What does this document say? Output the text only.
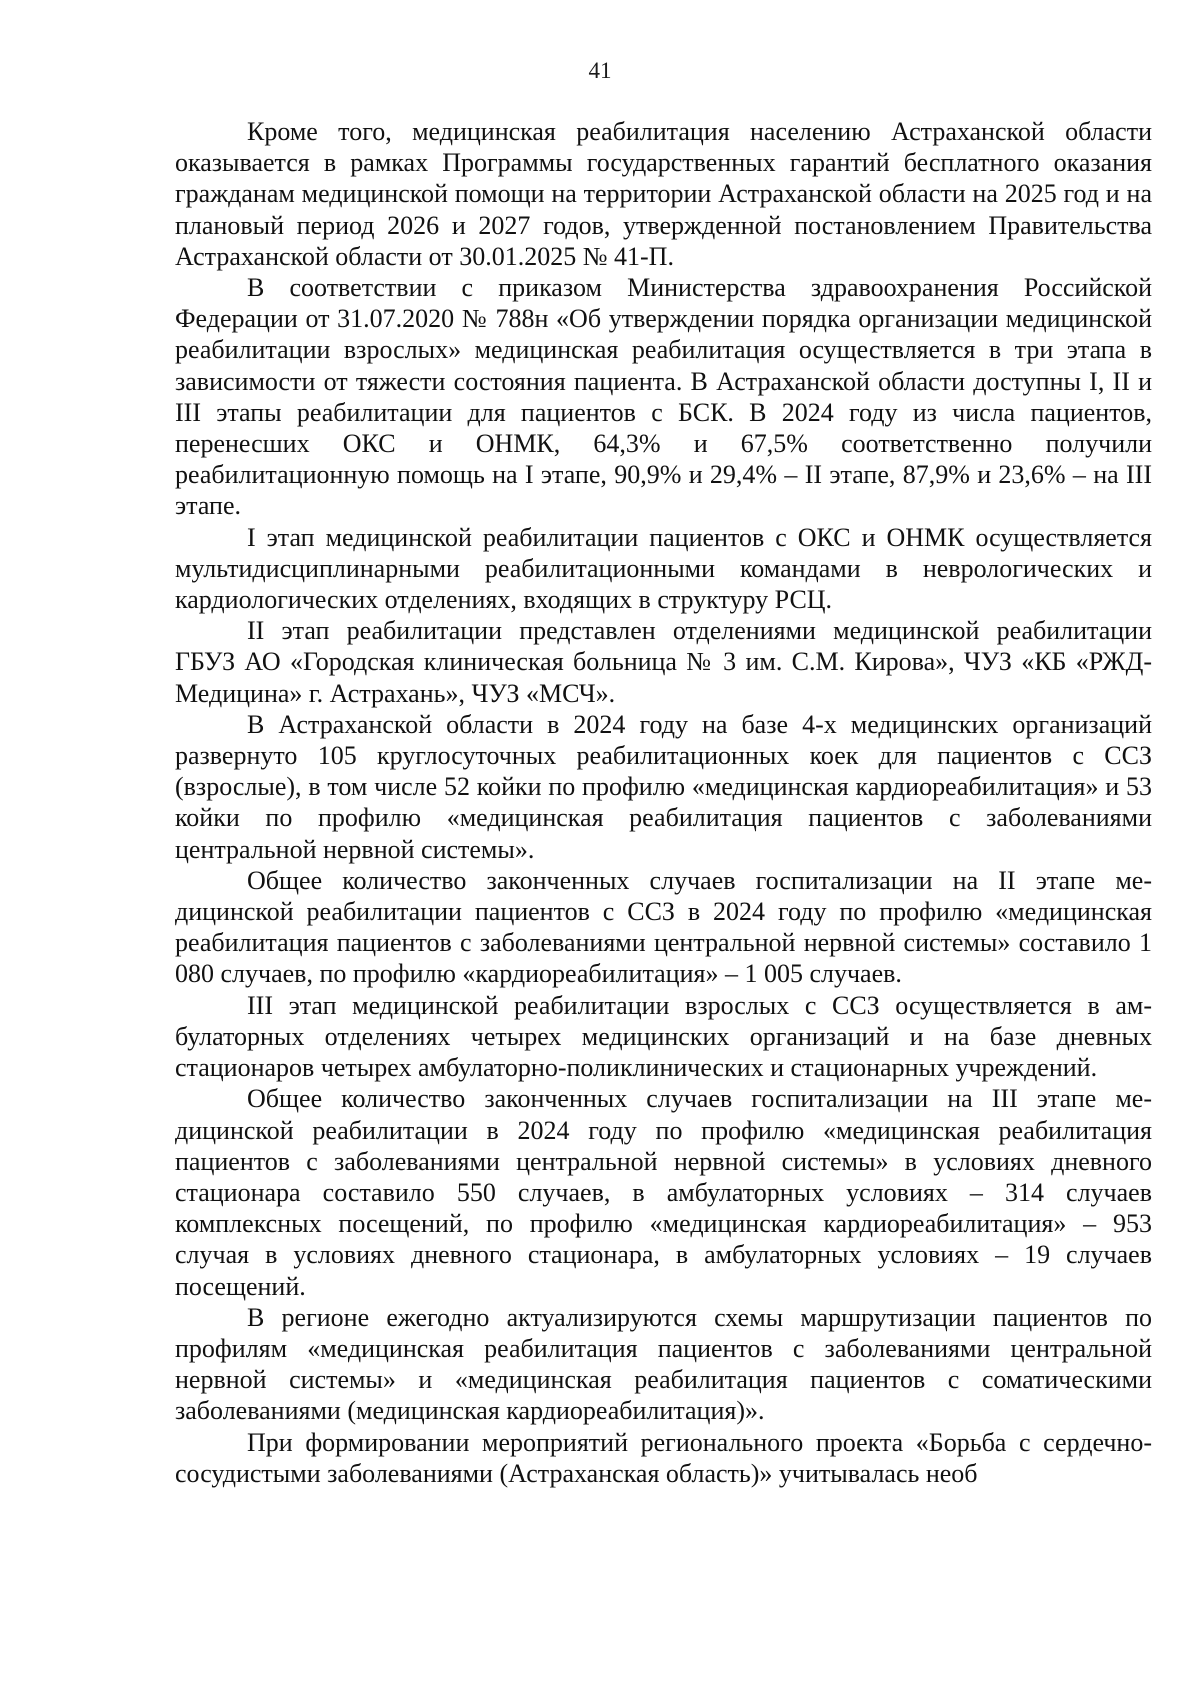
41

Кроме того, медицинская реабилитация населению Астраханской области оказывается в рамках Программы государственных гарантий бесплатного оказания гражданам медицинской помощи на территории Астраханской области на 2025 год и на плановый период 2026 и 2027 годов, утвержденной постановлением Правительства Астраханской области от 30.01.2025 № 41-П.

В соответствии с приказом Министерства здравоохранения Российской Федерации от 31.07.2020 № 788н «Об утверждении порядка организации медицинской реабилитации взрослых» медицинская реабилитация осуществляется в три этапа в зависимости от тяжести состояния пациента. В Астраханской области доступны I, II и III этапы реабилитации для пациентов с БСК. В 2024 году из числа пациентов, перенесших ОКС и ОНМК, 64,3% и 67,5% соответственно получили реабилитационную помощь на I этапе, 90,9% и 29,4% – II этапе, 87,9% и 23,6% – на III этапе.

I этап медицинской реабилитации пациентов с ОКС и ОНМК осуществляется мультидисциплинарными реабилитационными командами в неврологических и кардиологических отделениях, входящих в структуру РСЦ.

II этап реабилитации представлен отделениями медицинской реабилитации ГБУЗ АО «Городская клиническая больница № 3 им. С.М. Кирова», ЧУЗ «КБ «РЖД-Медицина» г. Астрахань», ЧУЗ «МСЧ».

В Астраханской области в 2024 году на базе 4-х медицинских организаций развернуто 105 круглосуточных реабилитационных коек для пациентов с ССЗ (взрослые), в том числе 52 койки по профилю «медицинская кардиореабилитация» и 53 койки по профилю «медицинская реабилитация пациентов с заболеваниями центральной нервной системы».

Общее количество законченных случаев госпитализации на II этапе медицинской реабилитации пациентов с ССЗ в 2024 году по профилю «медицинская реабилитация пациентов с заболеваниями центральной нервной системы» составило 1 080 случаев, по профилю «кардиореабилитация» – 1 005 случаев.

III этап медицинской реабилитации взрослых с ССЗ осуществляется в амбулаторных отделениях четырех медицинских организаций и на базе дневных стационаров четырех амбулаторно-поликлинических и стационарных учреждений.

Общее количество законченных случаев госпитализации на III этапе медицинской реабилитации в 2024 году по профилю «медицинская реабилитация пациентов с заболеваниями центральной нервной системы» в условиях дневного стационара составило 550 случаев, в амбулаторных условиях – 314 случаев комплексных посещений, по профилю «медицинская кардиореабилитация» – 953 случая в условиях дневного стационара, в амбулаторных условиях – 19 случаев посещений.

В регионе ежегодно актуализируются схемы маршрутизации пациентов по профилям «медицинская реабилитация пациентов с заболеваниями центральной нервной системы» и «медицинская реабилитация пациентов с соматическими заболеваниями (медицинская кардиореабилитация)».

При формировании мероприятий регионального проекта «Борьба с сердечно-сосудистыми заболеваниями (Астраханская область)» учитывалась необ
